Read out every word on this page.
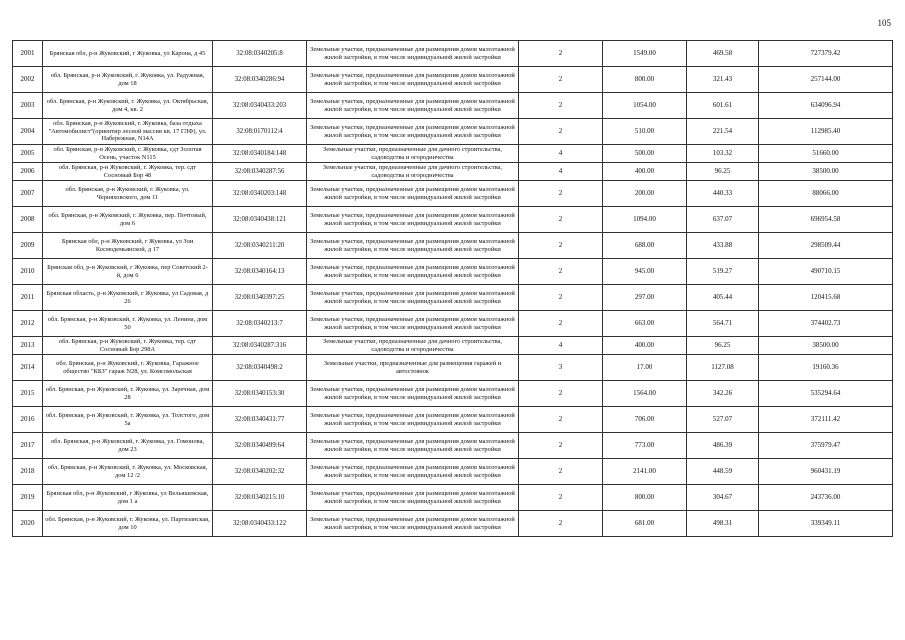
105
2001	Брянская обл, р-н Жуковский, г Жуковка, ул Карона, д 45	32:08:0340205:8	Земельные участки, предназначенные для размещения домов малоэтажной жилой застройки, в том числе индивидуальной жилой застройки	2	1549.00	469.58	727379.42
2002	обл. Брянская, р-н Жуковский, г. Жуковка, ул. Радужная, дом 18	32:08:0340286:94	Земельные участки, предназначенные для размещения домов малоэтажной жилой застройки, в том числе индивидуальной жилой застройки	2	800.00	321.43	257144.00
2003	обл. Брянская, р-н Жуковский, г. Жуковка, ул. Октябрьская, дом 4, кв. 2	32:08:0340433:203	Земельные участки, предназначенные для размещения домов малоэтажной жилой застройки, в том числе индивидуальной жилой застройки	2	1054.00	601.61	634096.94
2004	обл. Брянская, р-н Жуковский, г. Жуковка, база отдыха "Автомобилист"(ориентир лесной массив кв. 17 ГЛФ), ул. Набережная, N14А	32:08:0170112:4	Земельные участки, предназначенные для размещения домов малоэтажной жилой застройки, в том числе индивидуальной жилой застройки	2	510.00	221.54	112985.40
2005	обл. Брянская, р-н Жуковский, г. Жуковка, сдт Золотая Осень, участок N115	32:08:0340184:148	Земельные участки, предназначенные для дачного строительства, садоводства и огородничества	4	500.00	103.32	51660.00
2006	обл. Брянская, р-н Жуковский, г. Жуковка, тер. сдт Сосновый Бор 48	32:08:0340287:56	Земельные участки, предназначенные для дачного строительства, садоводства и огородничества	4	400.00	96.25	38500.00
2007	обл. Брянская, р-н Жуковский, г. Жуковка, ул. Черняховского, дом 11	32:08:0340203:148	Земельные участки, предназначенные для размещения домов малоэтажной жилой застройки, в том числе индивидуальной жилой застройки	2	200.00	440.33	88066.00
2008	обл. Брянская, р-н Жуковский, г. Жуковка, пер. Почтовый, дом 6	32:08:0340438:121	Земельные участки, предназначенные для размещения домов малоэтажной жилой застройки, в том числе индивидуальной жилой застройки	2	1094.00	637.07	696954.58
2009	Брянская обл, р-н Жуковский, г Жуковка, ул Зои Космодемьянской, д 17	32:08:0340211:20	Земельные участки, предназначенные для размещения домов малоэтажной жилой застройки, в том числе индивидуальной жилой застройки	2	688.00	433.88	298509.44
2010	Брянская обл, р-н Жуковский, г Жуковка, пер Советский 2-й, дом 6	32:08:0340164:13	Земельные участки, предназначенные для размещения домов малоэтажной жилой застройки, в том числе индивидуальной жилой застройки	2	945.00	519.27	490710.15
2011	Брянская область, р-н Жуковский, г Жуковка, ул Садовая, д 26	32:08:0340397:25	Земельные участки, предназначенные для размещения домов малоэтажной жилой застройки, в том числе индивидуальной жилой застройки	2	297.00	405.44	120415.68
2012	обл. Брянская, р-н Жуковский, г. Жуковка, ул. Ленина, дом 50	32:08:0340213:7	Земельные участки, предназначенные для размещения домов малоэтажной жилой застройки, в том числе индивидуальной жилой застройки	2	663.00	564.71	374402.73
2013	обл. Брянская, р-н Жуковский, г. Жуковка, тер. сдт Сосновый Бор 298А	32:08:0340287:316	Земельные участки, предназначенные для дачного строительства, садоводства и огородничества	4	400.00	96.25	38500.00
2014	обл. Брянская, р-н Жуковский, г. Жуковка, Гаражное общество "КБЗ" гараж N28, ул. Комсомольская	32:08:0340498:2	Земельные участки, предназначенные для размещения гаражей и автостоянок	3	17.00	1127.08	19160.36
2015	обл. Брянская, р-н Жуковский, г. Жуковка, ул. Заречная, дом 28	32:08:0340153:30	Земельные участки, предназначенные для размещения домов малоэтажной жилой застройки, в том числе индивидуальной жилой застройки	2	1564.00	342.26	535294.64
2016	обл. Брянская, р-н Жуковский, г. Жуковка, ул. Толстого, дом 5а	32:08:0340431:77	Земельные участки, предназначенные для размещения домов малоэтажной жилой застройки, в том числе индивидуальной жилой застройки	2	706.00	527.07	372111.42
2017	обл. Брянская, р-н Жуковский, г. Жуковка, ул. Гомонова, дом 23	32:08:0340499:64	Земельные участки, предназначенные для размещения домов малоэтажной жилой застройки, в том числе индивидуальной жилой застройки	2	773.00	486.39	375979.47
2018	обл. Брянская, р-н Жуковский, г. Жуковка, ул. Московская, дом 12 /2	32:08:0340202:32	Земельные участки, предназначенные для размещения домов малоэтажной жилой застройки, в том числе индивидуальной жилой застройки	2	2141.00	448.59	960431.19
2019	Брянская обл, р-н Жуковский, г Жуковка, ул Вельяшевская, дом 1 а	32:08:0340215:10	Земельные участки, предназначенные для размещения домов малоэтажной жилой застройки, в том числе индивидуальной жилой застройки	2	800.00	304.67	243736.00
2020	обл. Брянская, р-н Жуковский, г. Жуковка, ул. Партизанская, дом 10	32:08:0340433:122	Земельные участки, предназначенные для размещения домов малоэтажной жилой застройки, в том числе индивидуальной жилой застройки	2	681.00	498.31	339349.11
